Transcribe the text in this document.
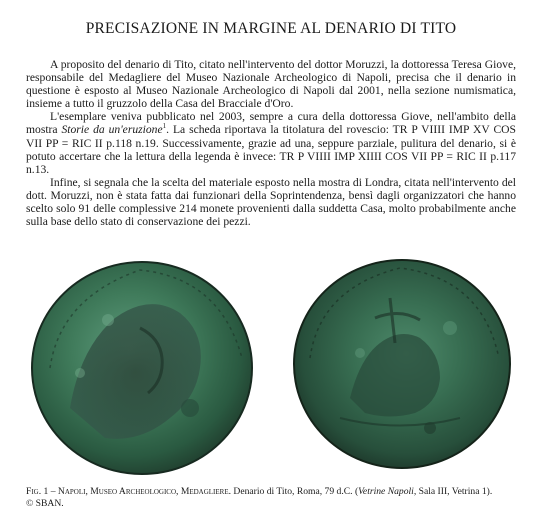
PRECISAZIONE IN MARGINE AL DENARIO DI TITO

A proposito del denario di Tito, citato nell'intervento del dottor Moruzzi, la dottoressa Teresa Giove, responsabile del Medagliere del Museo Nazionale Archeologico di Napoli, precisa che il denario in questione è esposto al Museo Nazionale Archeologico di Napoli dal 2001, nella sezione numismatica, insieme a tutto il gruzzolo della Casa del Bracciale d'Oro.

L'esemplare veniva pubblicato nel 2003, sempre a cura della dottoressa Giove, nell'ambito della mostra Storie da un'eruzione$^1$. La scheda riportava la titolatura del rovescio: TR P VIIII IMP XV COS VII PP = RIC II p.118 n.19. Successivamente, grazie ad una, seppure parziale, pulitura del denario, si è potuto accertare che la lettura della legenda è invece: TR P VIIII IMP XIIII COS VII PP = RIC II p.117 n.13.

Infine, si segnala che la scelta del materiale esposto nella mostra di Londra, citata nell'intervento del dott. Moruzzi, non è stata fatta dai funzionari della Soprintendenza, bensì dagli organizzatori che hanno scelto solo 91 delle complessive 214 monete provenienti dalla suddetta Casa, molto probabilmente anche sulla base dello stato di conservazione dei pezzi.

Fig. 1 – Napoli, Museo Archeologico, Medagliere. Denario di Tito, Roma, 79 d.C. (Vetrine Napoli, Sala III, Vetrina 1).
© SBAN.
